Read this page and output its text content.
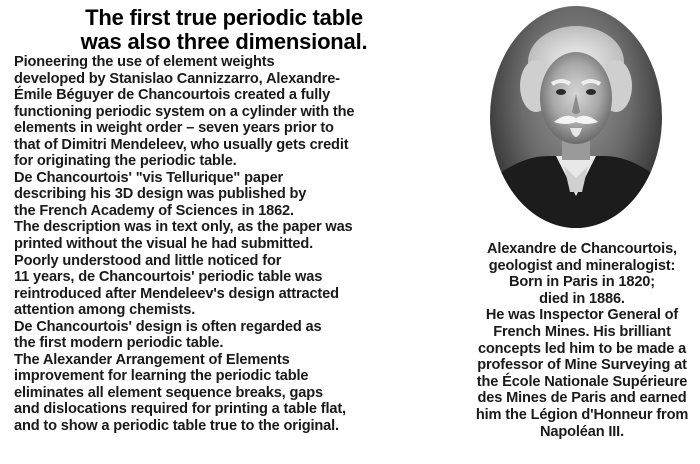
The first true periodic table
was also three dimensional.

Pioneering the use of element weights
developed by Stanislao Cannizzarro, Alexandre-
Émile Béguyer de Chancourtois created a fully
functioning periodic system on a cylinder with the
elements in weight order – seven years prior to
that of Dimitri Mendeleev, who usually gets credit
for originating the periodic table.

De Chancourtois' "vis Tellurique" paper
describing his 3D design was published by
the French Academy of Sciences in 1862.
The description was in text only, as the paper was
printed without the visual he had submitted.

Poorly understood and little noticed for
11 years, de Chancourtois' periodic table was
reintroduced after Mendeleev's design attracted
attention among chemists.

De Chancourtois' design is often regarded as
the first modern periodic table.

The Alexander Arrangement of Elements
improvement for learning the periodic table
eliminates all element sequence breaks, gaps
and dislocations required for printing a table flat,
and to show a periodic table true to the original.

Alexandre de Chancourtois,
geologist and mineralogist:
Born in Paris in 1820;
died in 1886.
He was Inspector General of
French Mines. His brilliant
concepts led him to be made a
professor of Mine Surveying at
the École Nationale Supérieure
des Mines de Paris and earned
him the Légion d'Honneur from
Napoléan III.
